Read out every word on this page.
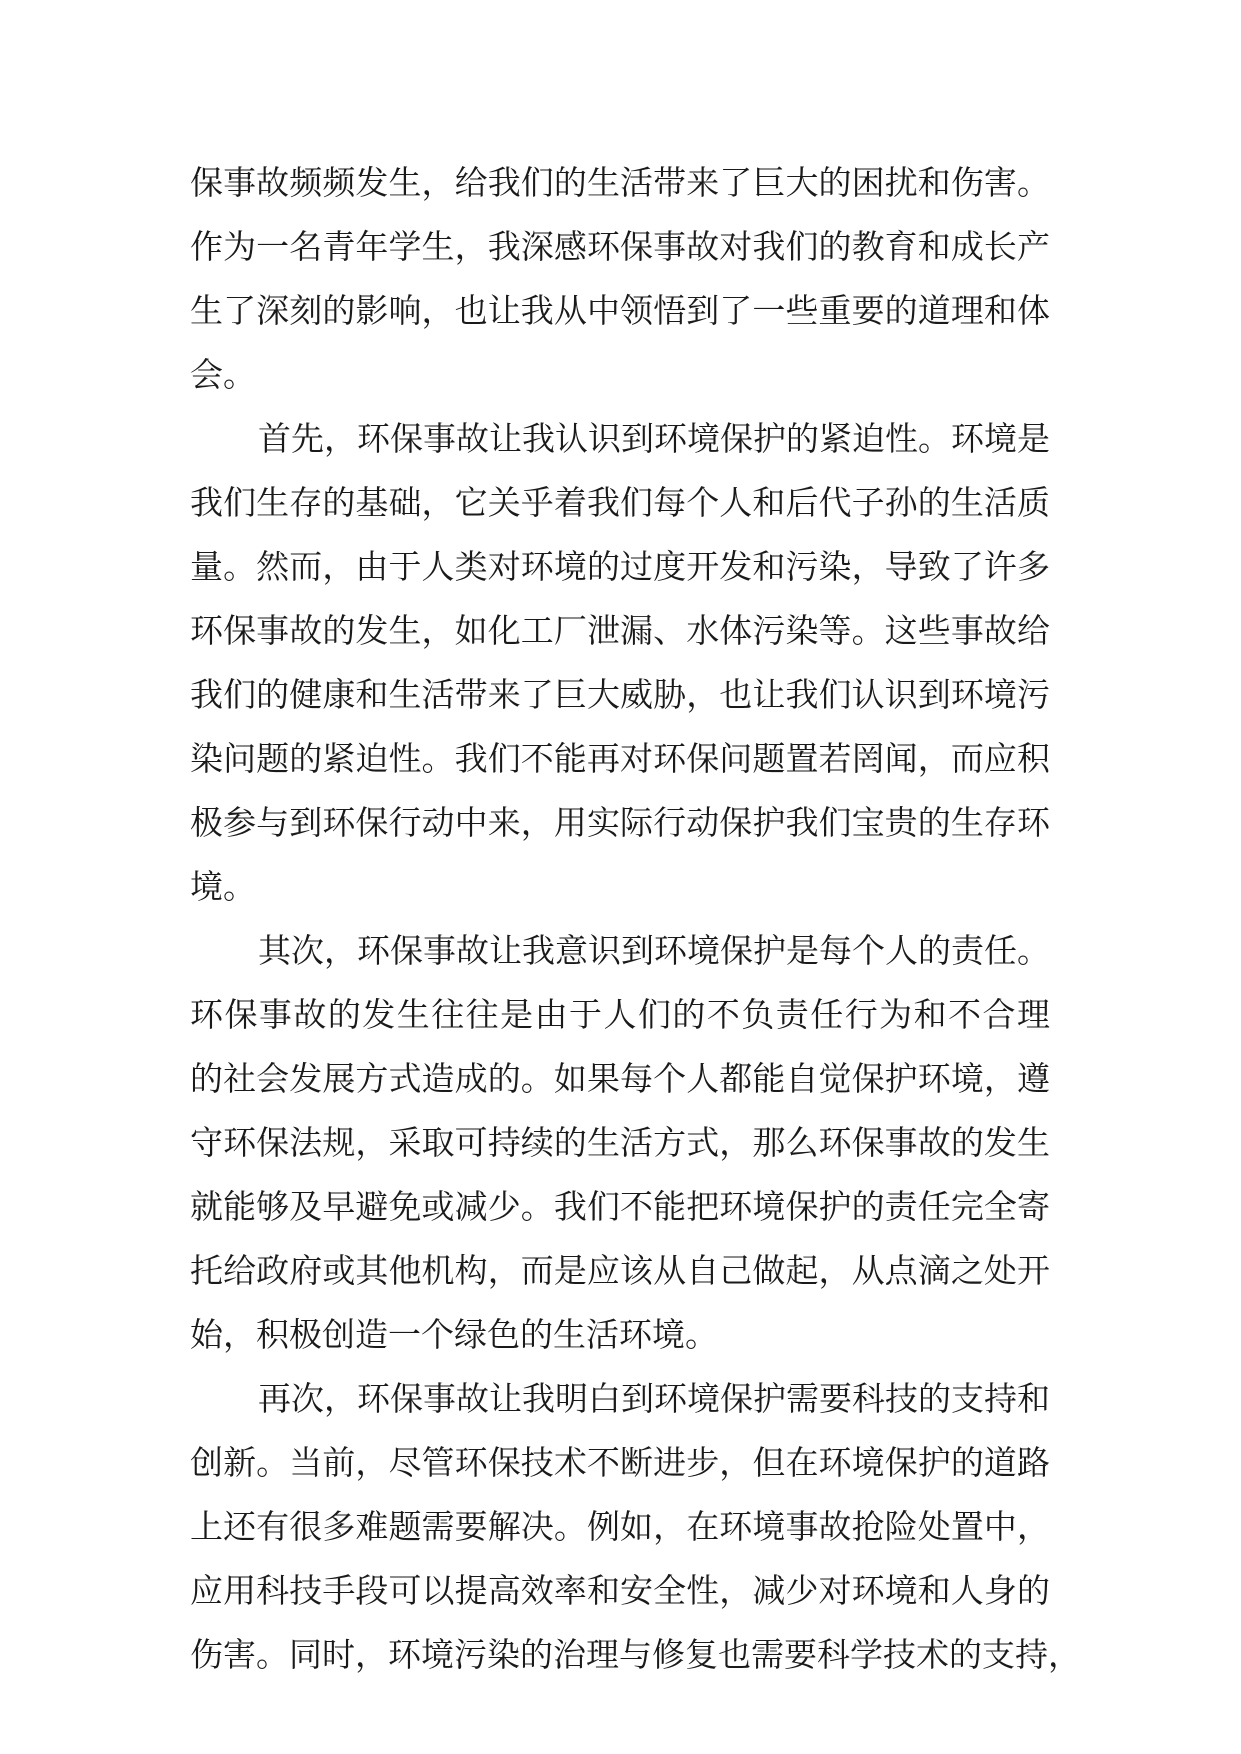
保事故频频发生，给我们的生活带来了巨大的困扰和伤害。
作为一名青年学生，我深感环保事故对我们的教育和成长产
生了深刻的影响，也让我从中领悟到了一些重要的道理和体
会。
首先，环保事故让我认识到环境保护的紧迫性。环境是
我们生存的基础，它关乎着我们每个人和后代子孙的生活质
量。然而，由于人类对环境的过度开发和污染，导致了许多
环保事故的发生，如化工厂泄漏、水体污染等。这些事故给
我们的健康和生活带来了巨大威胁，也让我们认识到环境污
染问题的紧迫性。我们不能再对环保问题置若罔闻，而应积
极参与到环保行动中来，用实际行动保护我们宝贵的生存环
境。
其次，环保事故让我意识到环境保护是每个人的责任。
环保事故的发生往往是由于人们的不负责任行为和不合理
的社会发展方式造成的。如果每个人都能自觉保护环境，遵
守环保法规，采取可持续的生活方式，那么环保事故的发生
就能够及早避免或减少。我们不能把环境保护的责任完全寄
托给政府或其他机构，而是应该从自己做起，从点滴之处开
始，积极创造一个绿色的生活环境。
再次，环保事故让我明白到环境保护需要科技的支持和
创新。当前，尽管环保技术不断进步，但在环境保护的道路
上还有很多难题需要解决。例如，在环境事故抢险处置中，
应用科技手段可以提高效率和安全性，减少对环境和人身的
伤害。同时，环境污染的治理与修复也需要科学技术的支持，
